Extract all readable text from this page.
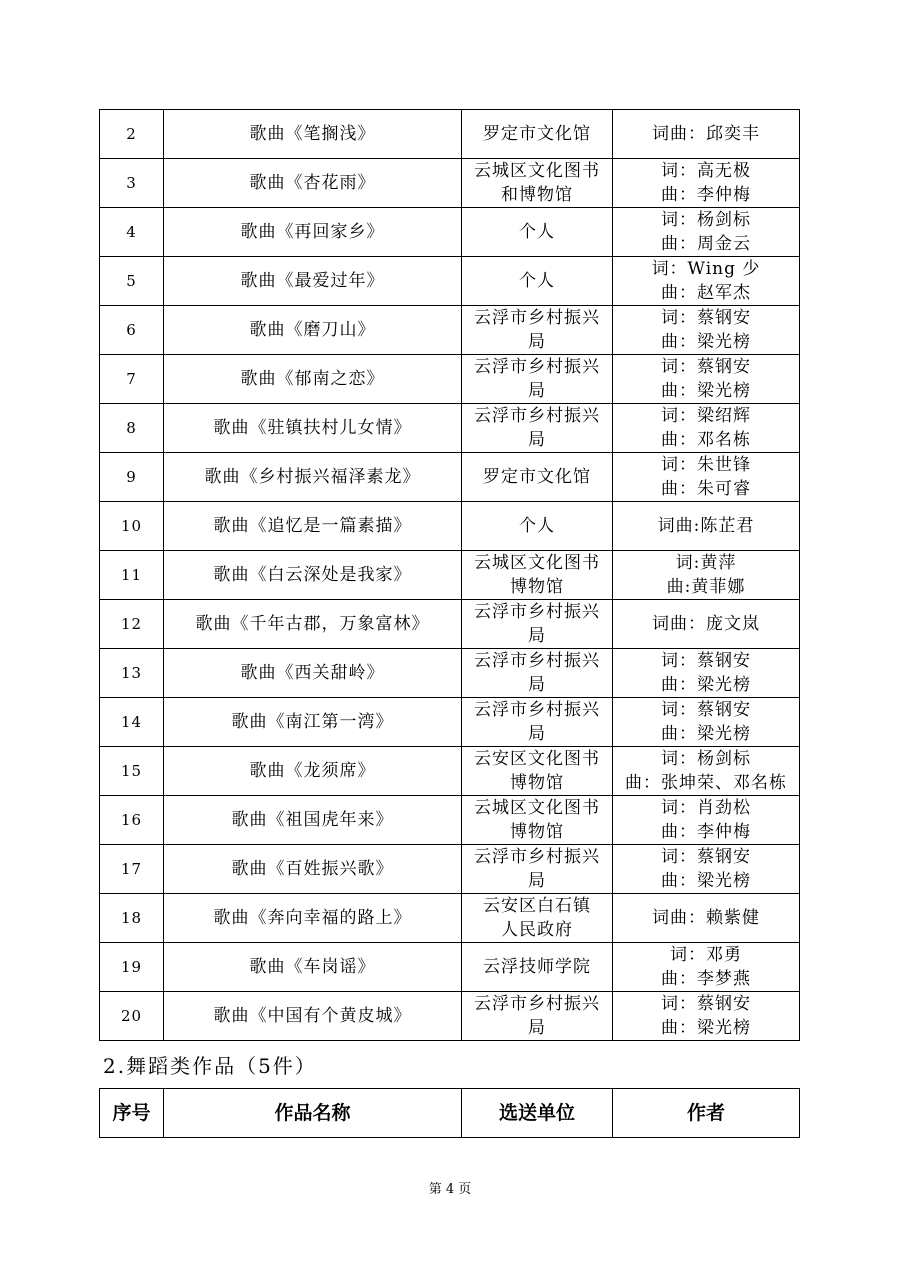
2	歌曲《笔搁浅》	罗定市文化馆	词曲：邱奕丰

3	歌曲《杏花雨》	云城区文化图书
和博物馆	词：高无极
曲：李仲梅

4	歌曲《再回家乡》	个人	词：杨剑标
曲：周金云

5	歌曲《最爱过年》	个人	词：Wing 少
曲：赵军杰

6	歌曲《磨刀山》	云浮市乡村振兴
局	词：蔡钢安
曲：梁光榜

7	歌曲《郁南之恋》	云浮市乡村振兴
局	词：蔡钢安
曲：梁光榜

8	歌曲《驻镇扶村儿女情》	云浮市乡村振兴
局	词：梁绍辉
曲：邓名栋

9	歌曲《乡村振兴福泽素龙》	罗定市文化馆	词：朱世锋
曲：朱可睿

10	歌曲《追忆是一篇素描》	个人	词曲:陈芷君

11	歌曲《白云深处是我家》	云城区文化图书
博物馆	词:黄萍
曲:黄菲娜

12	歌曲《千年古郡，万象富林》	云浮市乡村振兴
局	词曲：庞文岚

13	歌曲《西关甜岭》	云浮市乡村振兴
局	词：蔡钢安
曲：梁光榜

14	歌曲《南江第一湾》	云浮市乡村振兴
局	词：蔡钢安
曲：梁光榜

15	歌曲《龙须席》	云安区文化图书
博物馆	词：杨剑标
曲：张坤荣、邓名栋

16	歌曲《祖国虎年来》	云城区文化图书
博物馆	词：肖劲松
曲：李仲梅

17	歌曲《百姓振兴歌》	云浮市乡村振兴
局	词：蔡钢安
曲：梁光榜

18	歌曲《奔向幸福的路上》	云安区白石镇
人民政府	词曲：赖紫健

19	歌曲《车岗谣》	云浮技师学院	词：邓勇
曲：李梦燕

20	歌曲《中国有个黄皮城》	云浮市乡村振兴
局	词：蔡钢安
曲：梁光榜
2.舞蹈类作品（5件）
序号	作品名称	选送单位	作者
第 4 页
